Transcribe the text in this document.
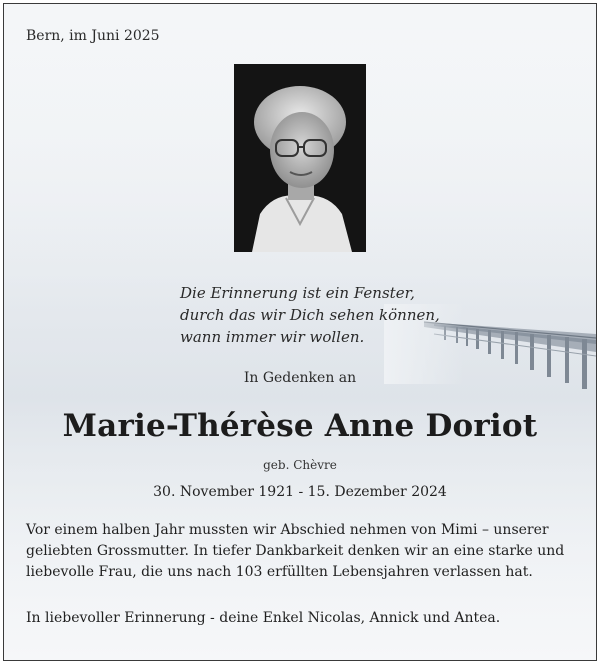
Bern, im Juni 2025
Die Erinnerung ist ein Fenster,
durch das wir Dich sehen können,
wann immer wir wollen.
In Gedenken an
Marie-Thérèse Anne Doriot
geb. Chèvre
30. November 1921 - 15. Dezember 2024
Vor einem halben Jahr mussten wir Abschied nehmen von Mimi – unserer geliebten Grossmutter. In tiefer Dankbarkeit denken wir an eine starke und liebevolle Frau, die uns nach 103 erfüllten Lebensjahren verlassen hat.
In liebevoller Erinnerung - deine Enkel Nicolas, Annick und Antea.
